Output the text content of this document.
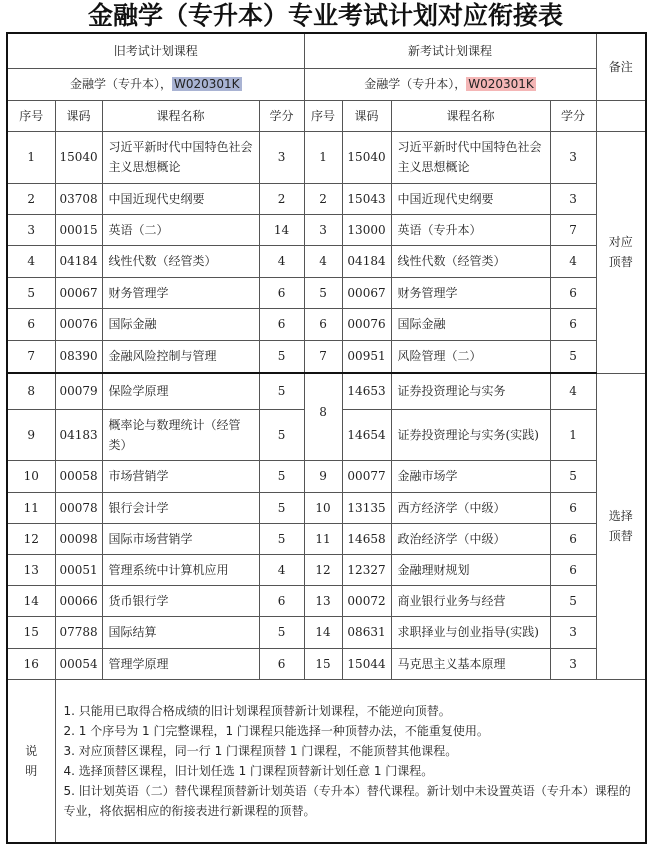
金融学（专升本）专业考试计划对应衔接表
旧考试计划课程				新考试计划课程				备注
金融学（专升本）， W020301K				金融学（专升本）， W020301K				
序号	课码	课程名称	学分	序号	课码	课程名称	学分	
1	15040	习近平新时代中国特色社会主义思想概论	3	1	15040	习近平新时代中国特色社会主义思想概论	3	对应
顶替

2	03708	中国近现代史纲要	2	2	15043	中国近现代史纲要	3	
3	00015	英语（二）	14	3	13000	英语（专升本）	7	
4	04184	线性代数（经管类）	4	4	04184	线性代数（经管类）	4	
5	00067	财务管理学	6	5	00067	财务管理学	6	
6	00076	国际金融	6	6	00076	国际金融	6	
7	08390	金融风险控制与管理	5	7	00951	风险管理（二）	5	
8	00079	保险学原理	5	8	14653	证券投资理论与实务	4	选择
顶替

9	04183	概率论与数理统计（经管类）	5		14654	证券投资理论与实务(实践)	1	
10	00058	市场营销学	5	9	00077	金融市场学	5	
11	00078	银行会计学	5	10	13135	西方经济学（中级）	6	
12	00098	国际市场营销学	5	11	14658	政治经济学（中级）	6	
13	00051	管理系统中计算机应用	4	12	12327	金融理财规划	6	
14	00066	货币银行学	6	13	00072	商业银行业务与经营	5	
15	07788	国际结算	5	14	08631	求职择业与创业指导(实践)	3	
16	00054	管理学原理	6	15	15044	马克思主义基本原理	3	

说
明	1. 只能用已取得合格成绩的旧计划课程顶替新计划课程，不能逆向顶替。
2. 1 个序号为 1 门完整课程，1 门课程只能选择一种顶替办法，不能重复使用。
3. 对应顶替区课程，同一行 1 门课程顶替 1 门课程，不能顶替其他课程。
4. 选择顶替区课程，旧计划任选 1 门课程顶替新计划任意 1 门课程。
5. 旧计划英语（二）替代课程顶替新计划英语（专升本）替代课程。新计划中未设置英语（专升本）课程的专业，将依据相应的衔接表进行新课程的顶替。							
